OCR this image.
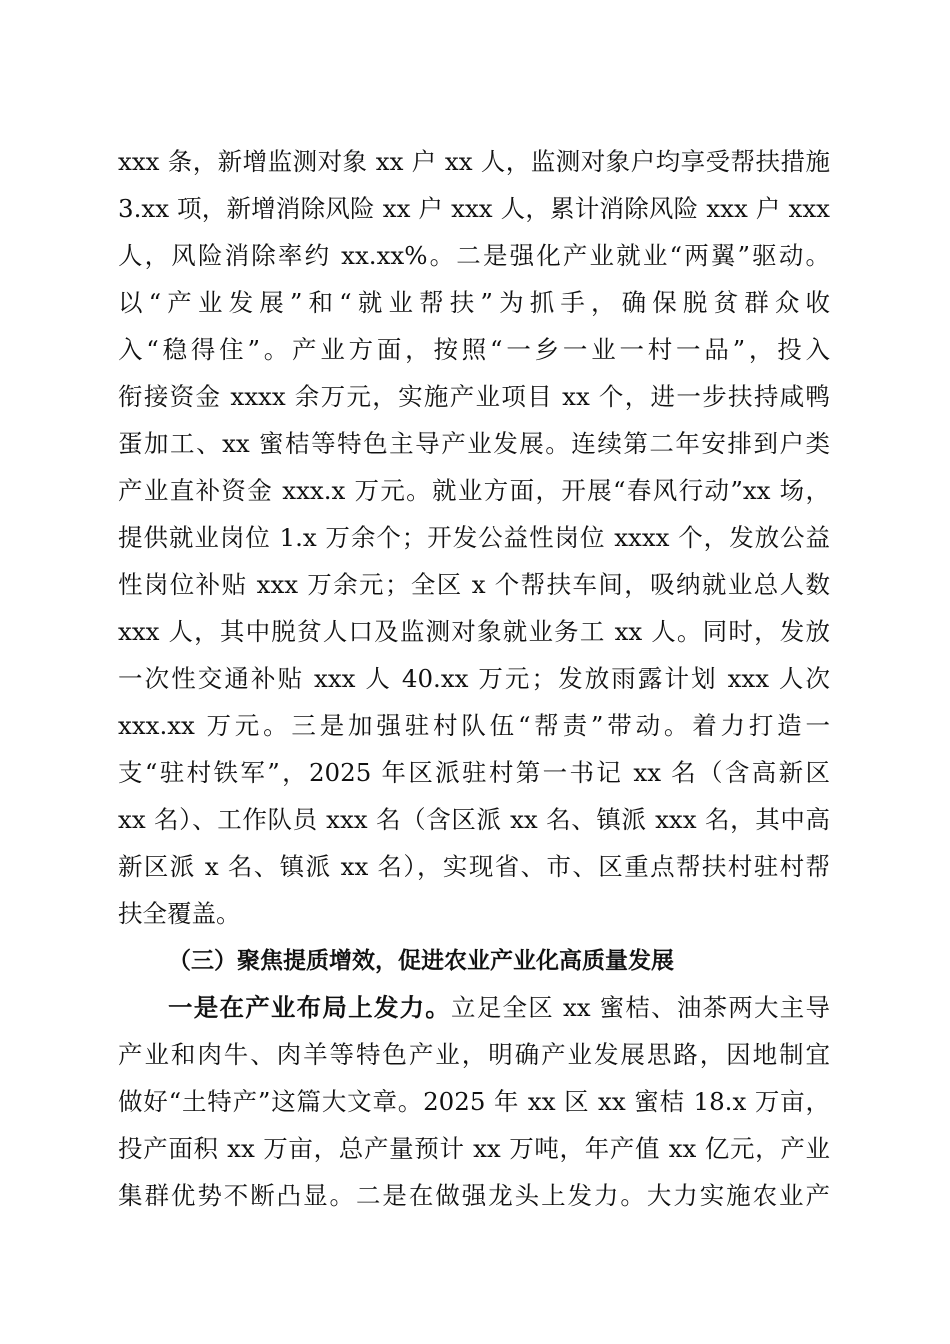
xxx 条，新增监测对象 xx 户 xx 人，监测对象户均享受帮扶措施
3.xx 项，新增消除风险 xx 户 xxx 人，累计消除风险 xxx 户 xxx
人，风险消除率约 xx.xx%。二是强化产业就业“两翼”驱动。
以“产业发展”和“就业帮扶”为抓手，确保脱贫群众收
入“稳得住”。产业方面，按照“一乡一业一村一品”，投入
衔接资金 xxxx 余万元，实施产业项目 xx 个，进一步扶持咸鸭
蛋加工、xx 蜜桔等特色主导产业发展。连续第二年安排到户类
产业直补资金 xxx.x 万元。就业方面，开展“春风行动”xx 场，
提供就业岗位 1.x 万余个；开发公益性岗位 xxxx 个，发放公益
性岗位补贴 xxx 万余元；全区 x 个帮扶车间，吸纳就业总人数
xxx 人，其中脱贫人口及监测对象就业务工 xx 人。同时，发放
一次性交通补贴 xxx 人 40.xx 万元；发放雨露计划 xxx 人次
xxx.xx 万元。三是加强驻村队伍“帮责”带动。着力打造一
支“驻村铁军”，2025 年区派驻村第一书记 xx 名（含高新区
xx 名）、工作队员 xxx 名（含区派 xx 名、镇派 xxx 名，其中高
新区派 x 名、镇派 xx 名），实现省、市、区重点帮扶村驻村帮
扶全覆盖。
（三）聚焦提质增效，促进农业产业化高质量发展
一是在产业布局上发力。立足全区 xx 蜜桔、油茶两大主导
产业和肉牛、肉羊等特色产业，明确产业发展思路，因地制宜
做好“土特产”这篇大文章。2025 年 xx 区 xx 蜜桔 18.x 万亩，
投产面积 xx 万亩，总产量预计 xx 万吨，年产值 xx 亿元，产业
集群优势不断凸显。二是在做强龙头上发力。大力实施农业产
